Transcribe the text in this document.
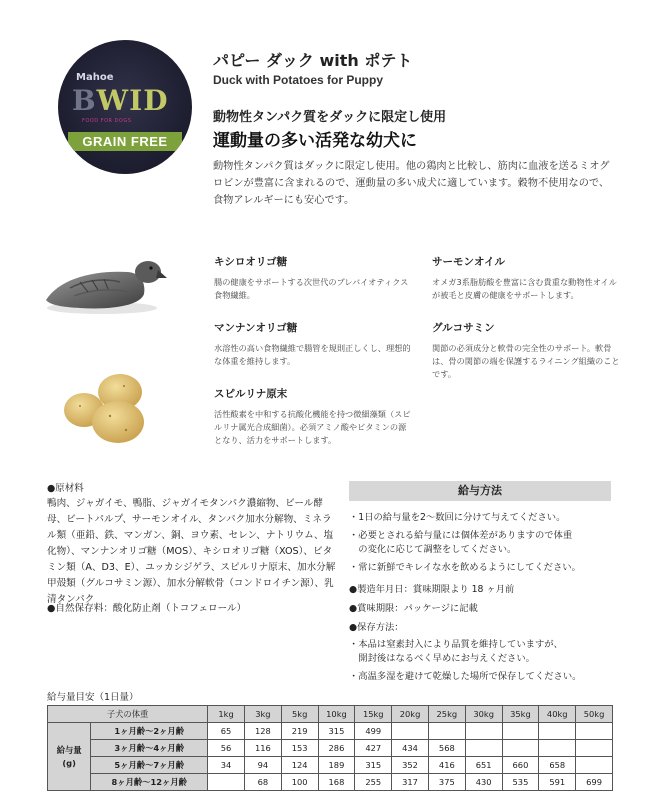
Mahoe
BWID
FOOD FOR DOGS
GRAIN FREE
パピー ダック with ポテト
Duck with Potatoes for Puppy
動物性タンパク質をダックに限定し使用
運動量の多い活発な幼犬に
動物性タンパク質はダックに限定し使用。他の鶏肉と比較し、筋肉に血液を送るミオグロビンが豊富に含まれるので、運動量の多い成犬に適しています。穀物不使用なので、食物アレルギーにも安心です。
キシロオリゴ糖
腸の健康をサポートする次世代のプレバイオティクス食物繊維。
サーモンオイル
オメガ3系脂肪酸を豊富に含む貴重な動物性オイルが被毛と皮膚の健康をサポートします。
マンナンオリゴ糖
水溶性の高い食物繊維で腸管を規則正しくし、理想的な体重を維持します。
グルコサミン
関節の必須成分と軟骨の完全性のサポート。軟骨は、骨の関節の端を保護するライニング組織のことです。
スピルリナ原末
活性酸素を中和する抗酸化機能を持つ微細藻類（スピルリナ属光合成細菌）。必須アミノ酸やビタミンの源となり、活力をサポートします。
●原材料
鴨肉、ジャガイモ、鴨脂、ジャガイモタンパク濃縮物、ビール酵母、ビートパルプ、サーモンオイル、タンパク加水分解物、ミネラル類（亜鉛、鉄、マンガン、銅、ヨウ素、セレン、ナトリウム、塩化物）、マンナンオリゴ糖（MOS）、キシロオリゴ糖（XOS）、ビタミン類（A、D3、E）、ユッカシジゲラ、スピルリナ原末、加水分解甲殻類（グルコサミン源）、加水分解軟骨（コンドロイチン源）、乳清タンパク
●自然保存料：酸化防止剤（トコフェロール）
給与方法
・1日の給与量を2〜数回に分けて与えてください。
・必要とされる給与量には個体差がありますので体重
　の変化に応じて調整をしてください。
・常に新鮮でキレイな水を飲めるようにしてください。
●製造年月日：賞味期限より 18 ヶ月前
●賞味期限：パッケージに記載
●保存方法：
・本品は窒素封入により品質を維持していますが、
　開封後はなるべく早めにお与えください。
・高温多湿を避けて乾燥した場所で保存してください。
給与量目安（1日量）
子犬の体重		1kg	3kg	5kg	10kg	15kg	20kg	25kg	30kg	35kg	40kg	50kg
給与量
(g)	1ヶ月齢〜2ヶ月齢	65	128	219	315	499						
	3ヶ月齢〜4ヶ月齢	56	116	153	286	427	434	568				
	5ヶ月齢〜7ヶ月齢	34	94	124	189	315	352	416	651	660	658	
	8ヶ月齢〜12ヶ月齢		68	100	168	255	317	375	430	535	591	699
